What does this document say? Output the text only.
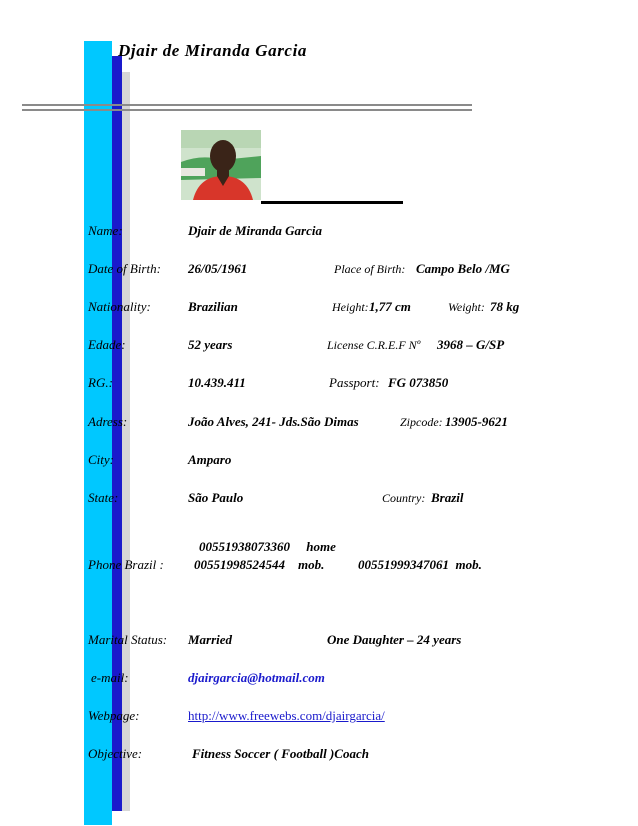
Djair de Miranda Garcia
Name:	Djair de Miranda Garcia
Date of Birth: 26/05/1961	Place of Birth: Campo Belo /MG
Nationality:	Brazilian	Height: 1,77 cm	Weight: 78 kg
Edade:	52 years	License C.R.E.F Nº 3968 – G/SP
RG.:	10.439.411	Passport: FG 073850
Adress:	João Alves, 241- Jds.São Dimas	Zipcode: 13905-9621
City:	Amparo
State:	São Paulo	Country: Brazil
00551938073360     home
Phone Brazil : 00551998524544    mob.	00551999347061  mob.
Marital Status: Married	One Daughter – 24 years
e-mail:	djairgarcia@hotmail.com
Webpage:	http://www.freewebs.com/djairgarcia/
Objective:	Fitness Soccer ( Football )Coach
